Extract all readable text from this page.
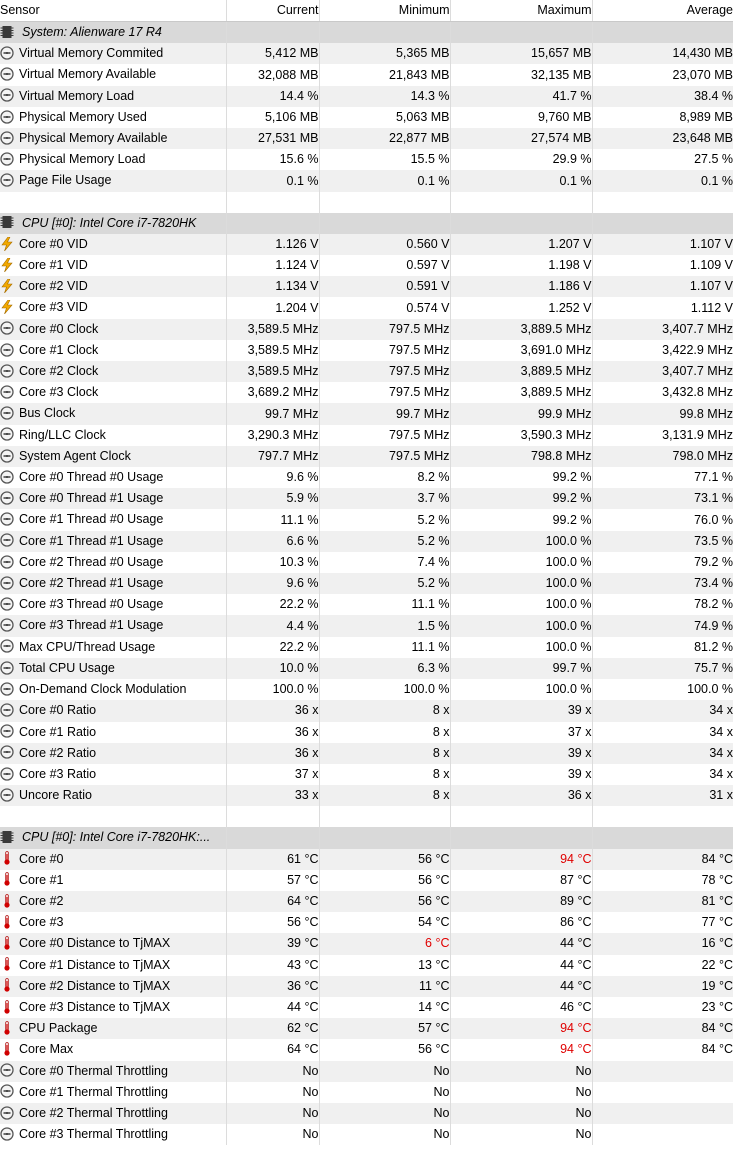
Sensor	Current	Minimum	Maximum	Average
System: Alienware 17 R4				
Virtual Memory Commited	5,412 MB	5,365 MB	15,657 MB	14,430 MB
Virtual Memory Available	32,088 MB	21,843 MB	32,135 MB	23,070 MB
Virtual Memory Load	14.4 %	14.3 %	41.7 %	38.4 %
Physical Memory Used	5,106 MB	5,063 MB	9,760 MB	8,989 MB
Physical Memory Available	27,531 MB	22,877 MB	27,574 MB	23,648 MB
Physical Memory Load	15.6 %	15.5 %	29.9 %	27.5 %
Page File Usage	0.1 %	0.1 %	0.1 %	0.1 %

CPU [#0]: Intel Core i7-7820HK				
Core #0 VID	1.126 V	0.560 V	1.207 V	1.107 V
Core #1 VID	1.124 V	0.597 V	1.198 V	1.109 V
Core #2 VID	1.134 V	0.591 V	1.186 V	1.107 V
Core #3 VID	1.204 V	0.574 V	1.252 V	1.112 V
Core #0 Clock	3,589.5 MHz	797.5 MHz	3,889.5 MHz	3,407.7 MHz
Core #1 Clock	3,589.5 MHz	797.5 MHz	3,691.0 MHz	3,422.9 MHz
Core #2 Clock	3,589.5 MHz	797.5 MHz	3,889.5 MHz	3,407.7 MHz
Core #3 Clock	3,689.2 MHz	797.5 MHz	3,889.5 MHz	3,432.8 MHz
Bus Clock	99.7 MHz	99.7 MHz	99.9 MHz	99.8 MHz
Ring/LLC Clock	3,290.3 MHz	797.5 MHz	3,590.3 MHz	3,131.9 MHz
System Agent Clock	797.7 MHz	797.5 MHz	798.8 MHz	798.0 MHz
Core #0 Thread #0 Usage	9.6 %	8.2 %	99.2 %	77.1 %
Core #0 Thread #1 Usage	5.9 %	3.7 %	99.2 %	73.1 %
Core #1 Thread #0 Usage	11.1 %	5.2 %	99.2 %	76.0 %
Core #1 Thread #1 Usage	6.6 %	5.2 %	100.0 %	73.5 %
Core #2 Thread #0 Usage	10.3 %	7.4 %	100.0 %	79.2 %
Core #2 Thread #1 Usage	9.6 %	5.2 %	100.0 %	73.4 %
Core #3 Thread #0 Usage	22.2 %	11.1 %	100.0 %	78.2 %
Core #3 Thread #1 Usage	4.4 %	1.5 %	100.0 %	74.9 %
Max CPU/Thread Usage	22.2 %	11.1 %	100.0 %	81.2 %
Total CPU Usage	10.0 %	6.3 %	99.7 %	75.7 %
On-Demand Clock Modulation	100.0 %	100.0 %	100.0 %	100.0 %
Core #0 Ratio	36 x	8 x	39 x	34 x
Core #1 Ratio	36 x	8 x	37 x	34 x
Core #2 Ratio	36 x	8 x	39 x	34 x
Core #3 Ratio	37 x	8 x	39 x	34 x
Uncore Ratio	33 x	8 x	36 x	31 x

CPU [#0]: Intel Core i7-7820HK:...				
Core #0	61 °C	56 °C	94 °C	84 °C
Core #1	57 °C	56 °C	87 °C	78 °C
Core #2	64 °C	56 °C	89 °C	81 °C
Core #3	56 °C	54 °C	86 °C	77 °C
Core #0 Distance to TjMAX	39 °C	6 °C	44 °C	16 °C
Core #1 Distance to TjMAX	43 °C	13 °C	44 °C	22 °C
Core #2 Distance to TjMAX	36 °C	11 °C	44 °C	19 °C
Core #3 Distance to TjMAX	44 °C	14 °C	46 °C	23 °C
CPU Package	62 °C	57 °C	94 °C	84 °C
Core Max	64 °C	56 °C	94 °C	84 °C
Core #0 Thermal Throttling	No	No	No	
Core #1 Thermal Throttling	No	No	No	
Core #2 Thermal Throttling	No	No	No	
Core #3 Thermal Throttling	No	No	No	
